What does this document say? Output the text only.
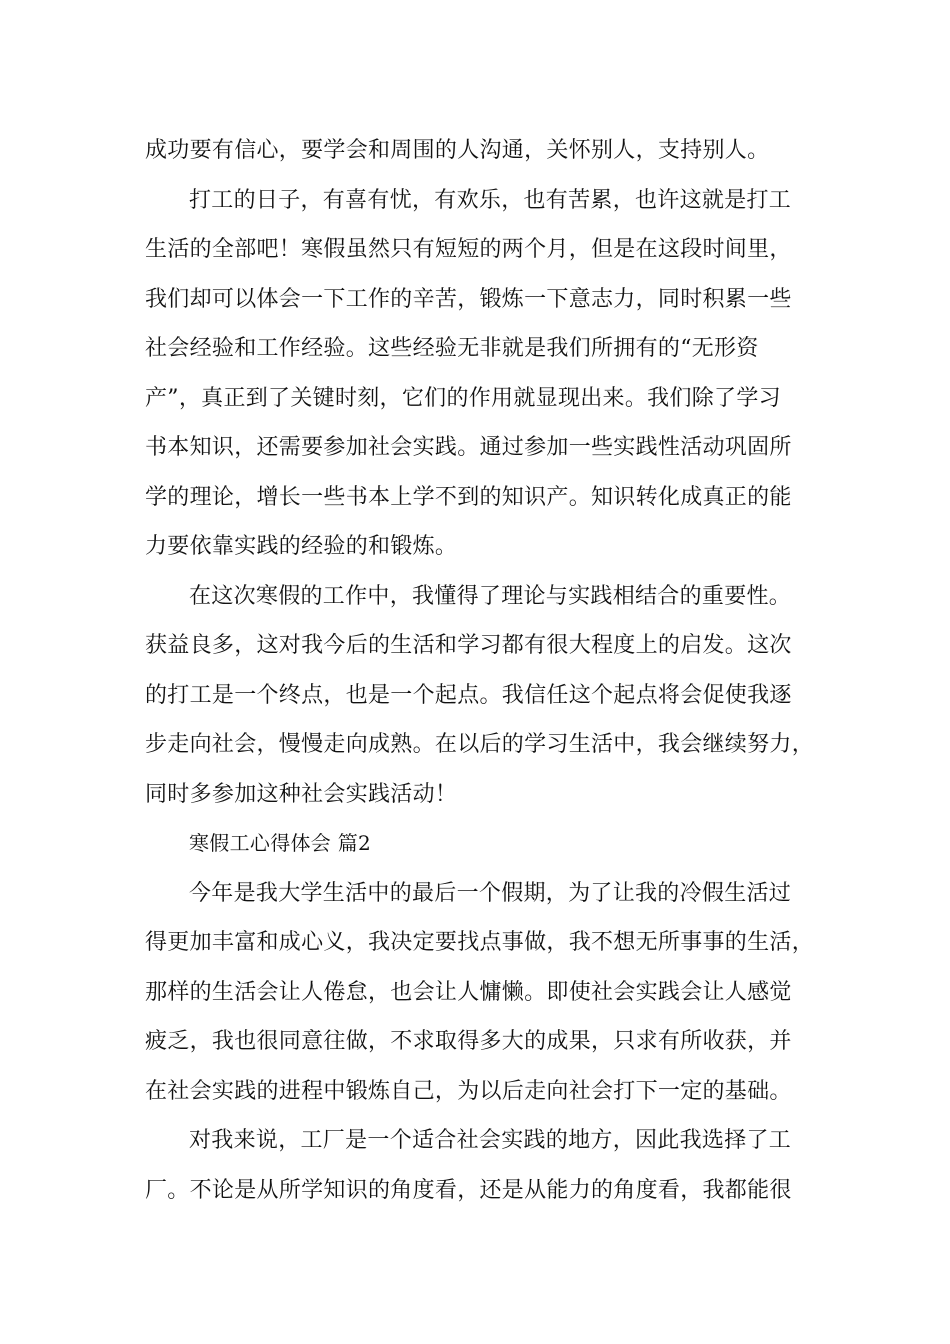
成功要有信心，要学会和周围的人沟通，关怀别人，支持别人。
打工的日子，有喜有忧，有欢乐，也有苦累，也许这就是打工
生活的全部吧！寒假虽然只有短短的两个月，但是在这段时间里，
我们却可以体会一下工作的辛苦，锻炼一下意志力，同时积累一些
社会经验和工作经验。这些经验无非就是我们所拥有的“无形资
产”，真正到了关键时刻，它们的作用就显现出来。我们除了学习
书本知识，还需要参加社会实践。通过参加一些实践性活动巩固所
学的理论，增长一些书本上学不到的知识产。知识转化成真正的能
力要依靠实践的经验的和锻炼。
在这次寒假的工作中，我懂得了理论与实践相结合的重要性。
获益良多，这对我今后的生活和学习都有很大程度上的启发。这次
的打工是一个终点，也是一个起点。我信任这个起点将会促使我逐
步走向社会，慢慢走向成熟。在以后的学习生活中，我会继续努力，
同时多参加这种社会实践活动！
寒假工心得体会 篇2
今年是我大学生活中的最后一个假期，为了让我的冷假生活过
得更加丰富和成心义，我决定要找点事做，我不想无所事事的生活，
那样的生活会让人倦怠，也会让人慵懒。即使社会实践会让人感觉
疲乏，我也很同意往做，不求取得多大的成果，只求有所收获，并
在社会实践的进程中锻炼自己，为以后走向社会打下一定的基础。
对我来说，工厂是一个适合社会实践的地方，因此我选择了工
厂。不论是从所学知识的角度看，还是从能力的角度看，我都能很
